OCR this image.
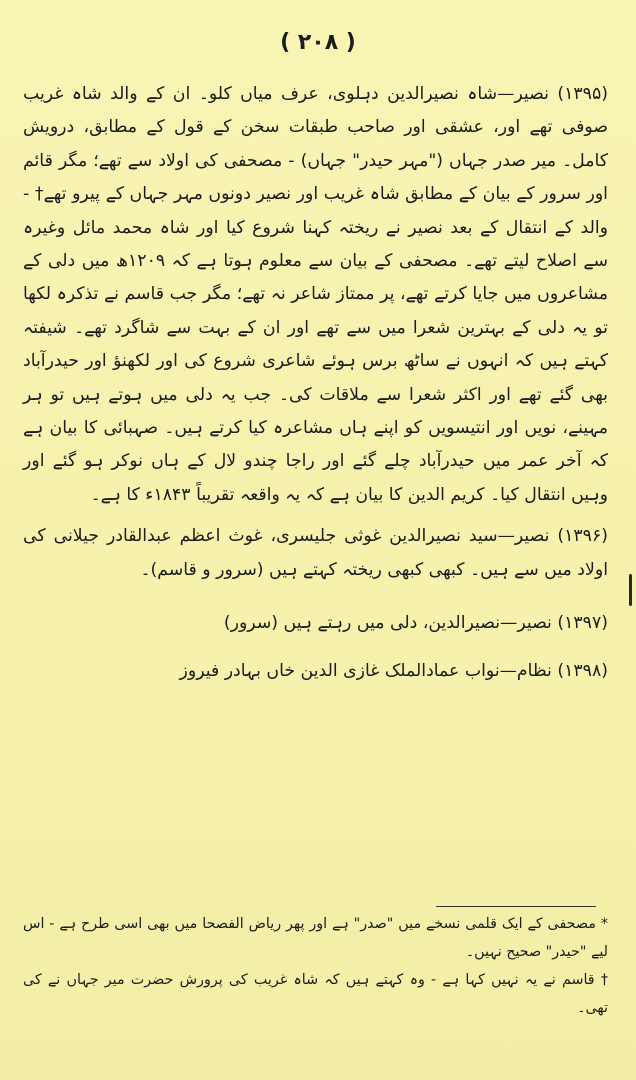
( ۲۰۸ )

(۱۳۹۵) نصیر—شاہ نصیرالدین دہلوی، عرف میاں کلو۔ ان کے والد شاہ غریب صوفی تھے اور، عشقی اور صاحب طبقات سخن کے قول کے مطابق، درویش کامل۔ میر صدر جہاں ("مہر حیدر" جہاں) - مصحفی کی اولاد سے تھے؛ مگر قائم اور سرور کے بیان کے مطابق شاہ غریب اور نصیر دونوں مہر جہاں کے پیرو تھے† - والد کے انتقال کے بعد نصیر نے ریختہ کہنا شروع کیا اور شاہ محمد مائل وغیرہ سے اصلاح لیتے تھے۔ مصحفی کے بیان سے معلوم ہوتا ہے کہ ۱۲۰۹ھ میں دلی کے مشاعروں میں جایا کرتے تھے، پر ممتاز شاعر نہ تھے؛ مگر جب قاسم نے تذکرہ لکھا تو یہ دلی کے بہترین شعرا میں سے تھے اور ان کے بہت سے شاگرد تھے۔ شیفتہ کہتے ہیں کہ انہوں نے ساٹھ برس ہوئے شاعری شروع کی اور لکھنؤ اور حیدرآباد بھی گئے تھے اور اکثر شعرا سے ملاقات کی۔ جب یہ دلی میں ہوتے ہیں تو ہر مہینے، نویں اور انتیسویں کو اپنے ہاں مشاعرہ کیا کرتے ہیں۔ صہبائی کا بیان ہے کہ آخر عمر میں حیدرآباد چلے گئے اور راجا چندو لال کے ہاں نوکر ہو گئے اور وہیں انتقال کیا۔ کریم الدین کا بیان ہے کہ یہ واقعہ تقریباً ۱۸۴۳ء کا ہے۔

(۱۳۹۶) نصیر—سید نصیرالدین غوثی جلیسری، غوث اعظم عبدالقادر جیلانی کی اولاد میں سے ہیں۔ کبھی کبھی ریختہ کہتے ہیں (سرور و قاسم)۔

(۱۳۹۷) نصیر—نصیرالدین، دلی میں رہتے ہیں (سرور)

(۱۳۹۸) نظام—نواب عمادالملک غازی الدین خاں بہادر فیروز

* مصحفی کے ایک قلمی نسخے میں "صدر" ہے اور پھر ریاض الفصحا میں بھی اسی طرح ہے - اس لیے "حیدر" صحیح نہیں۔

† قاسم نے یہ نہیں کہا ہے - وہ کہتے ہیں کہ شاہ غریب کی پرورش حضرت میر جہاں نے کی تھی۔
